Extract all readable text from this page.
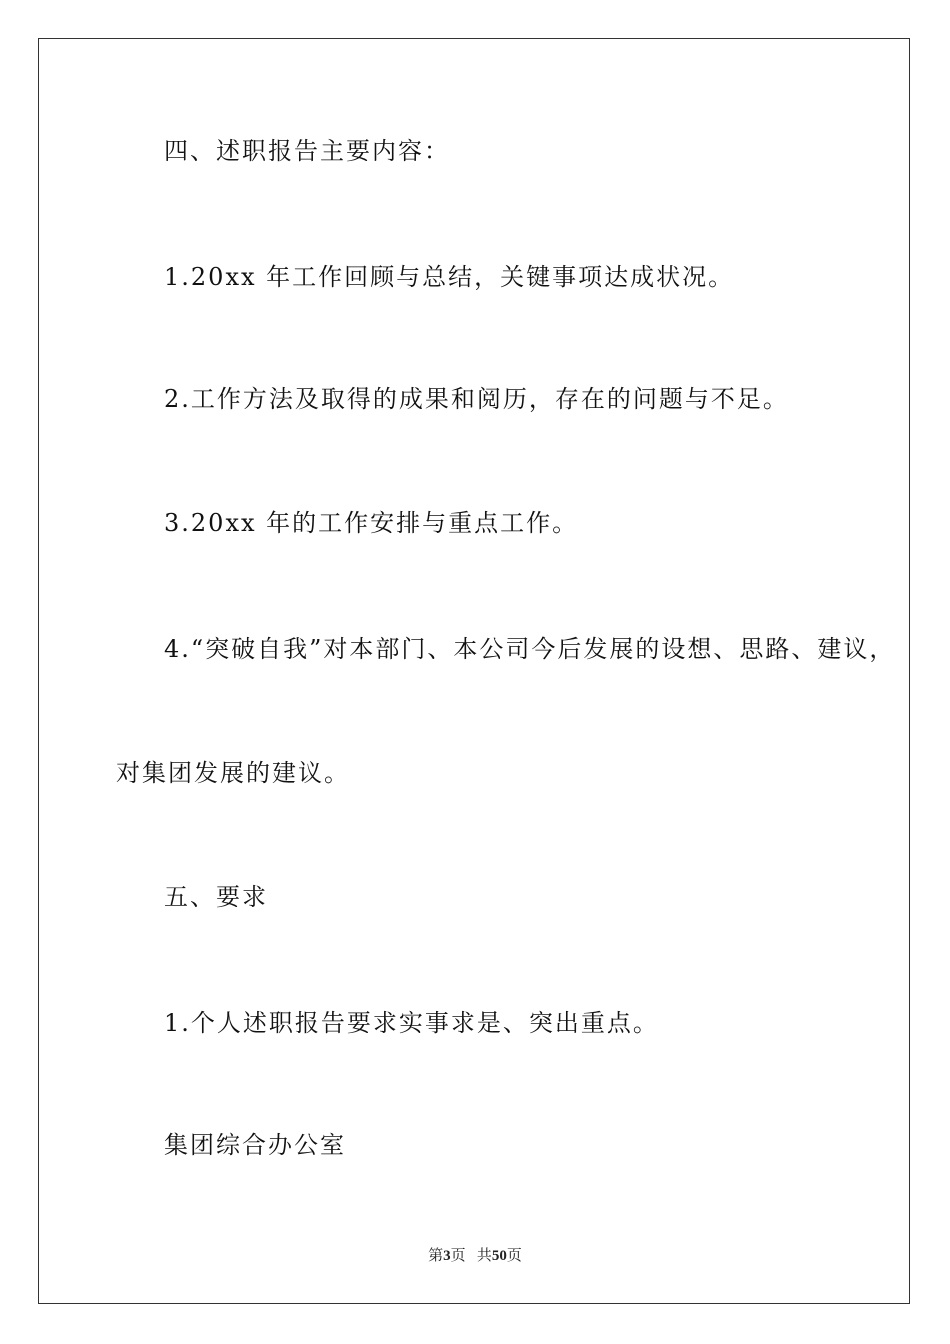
四、述职报告主要内容：
1.20xx 年工作回顾与总结，关键事项达成状况。
2.工作方法及取得的成果和阅历，存在的问题与不足。
3.20xx 年的工作安排与重点工作。
4.“突破自我”对本部门、本公司今后发展的设想、思路、建议，
对集团发展的建议。
五、要求
1.个人述职报告要求实事求是、突出重点。
集团综合办公室
第3页 共50页
